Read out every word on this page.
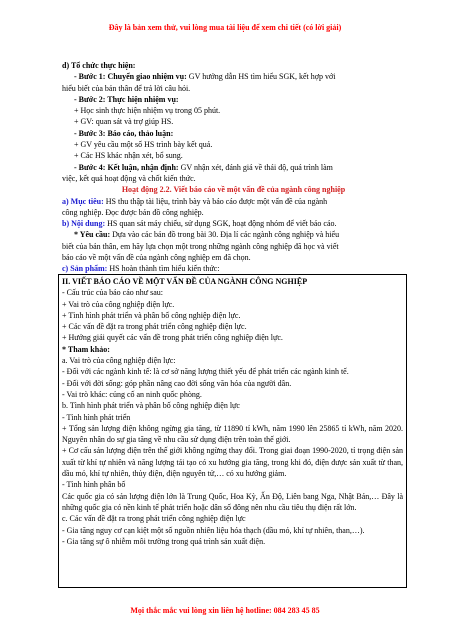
Đây là bản xem thử, vui lòng mua tài liệu để xem chi tiết (có lời giải)
d) Tổ chức thực hiện:
- Bước 1: Chuyển giao nhiệm vụ: GV hướng dẫn HS tìm hiểu SGK, kết hợp với
hiểu biết của bản thân để trả lời câu hỏi.
- Bước 2: Thực hiện nhiệm vụ:
+ Học sinh thực hiện nhiệm vụ trong 05 phút.
+ GV: quan sát và trợ giúp HS.
- Bước 3: Báo cáo, thảo luận:
+ GV yêu cầu một số HS trình bày kết quả.
+ Các HS khác nhận xét, bổ sung.
- Bước 4: Kết luận, nhận định: GV nhận xét, đánh giá về thái độ, quá trình làm
việc, kết quả hoạt động và chốt kiến thức.
Hoạt động 2.2. Viết báo cáo về một vấn đề của ngành công nghiệp
a) Mục tiêu: HS thu thập tài liệu, trình bày và báo cáo được một vấn đề của ngành
công nghiệp. Đọc được bản đồ công nghiệp.
b) Nội dung: HS quan sát máy chiếu, sử dụng SGK, hoạt động nhóm để viết báo cáo.
* Yêu cầu: Dựa vào các bản đồ trong bài 30. Địa lí các ngành công nghiệp và hiểu
biết của bản thân, em hãy lựa chọn một trong những ngành công nghiệp đã học và viết
báo cáo về một vấn đề của ngành công nghiệp em đã chọn.
c) Sản phẩm: HS hoàn thành tìm hiểu kiến thức:
II. VIẾT BÁO CÁO VỀ MỘT VẤN ĐỀ CỦA NGÀNH CÔNG NGHIỆP
- Cấu trúc của báo cáo như sau:
+ Vai trò của công nghiệp điện lực.
+ Tình hình phát triển và phân bố công nghiệp điện lực.
+ Các vấn đề đặt ra trong phát triển công nghiệp điện lực.
+ Hướng giải quyết các vấn đề trong phát triển công nghiệp điện lực.
* Tham khảo:
a. Vai trò của công nghiệp điện lực:
- Đối với các ngành kinh tế: là cơ sở năng lượng thiết yếu để phát triển các ngành kinh tế.
- Đối với đời sống: góp phần nâng cao đời sống văn hóa của người dân.
- Vai trò khác: củng cố an ninh quốc phòng.
b. Tình hình phát triển và phân bố công nghiệp điện lực
- Tình hình phát triển
+ Tổng sản lượng điện không ngừng gia tăng, từ 11890 tỉ kWh, năm 1990 lên 25865 tỉ kWh, năm 2020. Nguyên nhân do sự gia tăng về nhu cầu sử dụng điện trên toàn thế giới.
+ Cơ cấu sản lượng điện trên thế giới không ngừng thay đổi. Trong giai đoạn 1990-2020, tỉ trọng điện sản xuất từ khí tự nhiên và năng lượng tái tạo có xu hướng gia tăng, trong khi đó, điện được sản xuất từ than, dầu mỏ, khí tự nhiên, thủy điện, điện nguyên tử,… có xu hướng giảm.
- Tình hình phân bố
Các quốc gia có sản lượng điện lớn là Trung Quốc, Hoa Kỳ, Ấn Độ, Liên bang Nga, Nhật Bản,… Đây là những quốc gia có nền kinh tế phát triển hoặc dân số đông nên nhu cầu tiêu thụ điện rất lớn.
c. Các vấn đề đặt ra trong phát triển công nghiệp điện lực
- Gia tăng nguy cơ cạn kiệt một số nguồn nhiên liệu hóa thạch (dầu mỏ, khí tự nhiên, than,…).
- Gia tăng sự ô nhiễm môi trường trong quá trình sản xuất điện.
Mọi thắc mắc vui lòng xin liên hệ hotline: 084 283 45 85
